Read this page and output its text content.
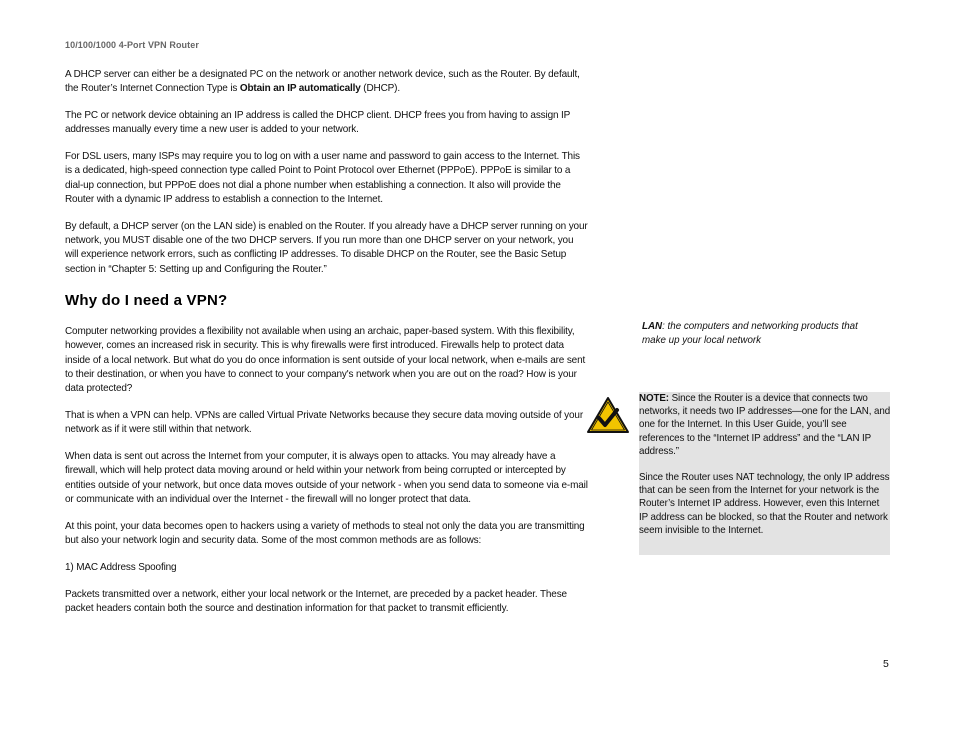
10/100/1000 4-Port VPN Router

A DHCP server can either be a designated PC on the network or another network device, such as the Router. By default, the Router’s Internet Connection Type is Obtain an IP automatically (DHCP).

The PC or network device obtaining an IP address is called the DHCP client. DHCP frees you from having to assign IP addresses manually every time a new user is added to your network.

For DSL users, many ISPs may require you to log on with a user name and password to gain access to the Internet. This is a dedicated, high-speed connection type called Point to Point Protocol over Ethernet (PPPoE). PPPoE is similar to a dial-up connection, but PPPoE does not dial a phone number when establishing a connection. It also will provide the Router with a dynamic IP address to establish a connection to the Internet.

By default, a DHCP server (on the LAN side) is enabled on the Router. If you already have a DHCP server running on your network, you MUST disable one of the two DHCP servers. If you run more than one DHCP server on your network, you will experience network errors, such as conflicting IP addresses. To disable DHCP on the Router, see the Basic Setup section in “Chapter 5: Setting up and Configuring the Router.”

Why do I need a VPN?

Computer networking provides a flexibility not available when using an archaic, paper-based system. With this flexibility, however, comes an increased risk in security. This is why firewalls were first introduced. Firewalls help to protect data inside of a local network. But what do you do once information is sent outside of your local network, when e-mails are sent to their destination, or when you have to connect to your company's network when you are out on the road? How is your data protected?

That is when a VPN can help. VPNs are called Virtual Private Networks because they secure data moving outside of your network as if it were still within that network.

When data is sent out across the Internet from your computer, it is always open to attacks. You may already have a firewall, which will help protect data moving around or held within your network from being corrupted or intercepted by entities outside of your network, but once data moves outside of your network - when you send data to someone via e-mail or communicate with an individual over the Internet - the firewall will no longer protect that data.

At this point, your data becomes open to hackers using a variety of methods to steal not only the data you are transmitting but also your network login and security data. Some of the most common methods are as follows:

1) MAC Address Spoofing

Packets transmitted over a network, either your local network or the Internet, are preceded by a packet header. These packet headers contain both the source and destination information for that packet to transmit efficiently.

LAN: the computers and networking products that make up your local network

NOTE: Since the Router is a device that connects two networks, it needs two IP addresses—one for the LAN, and one for the Internet. In this User Guide, you’ll see references to the “Internet IP address” and the “LAN IP address.”

Since the Router uses NAT technology, the only IP address that can be seen from the Internet for your network is the Router’s Internet IP address. However, even this Internet IP address can be blocked, so that the Router and network seem invisible to the Internet.

5
